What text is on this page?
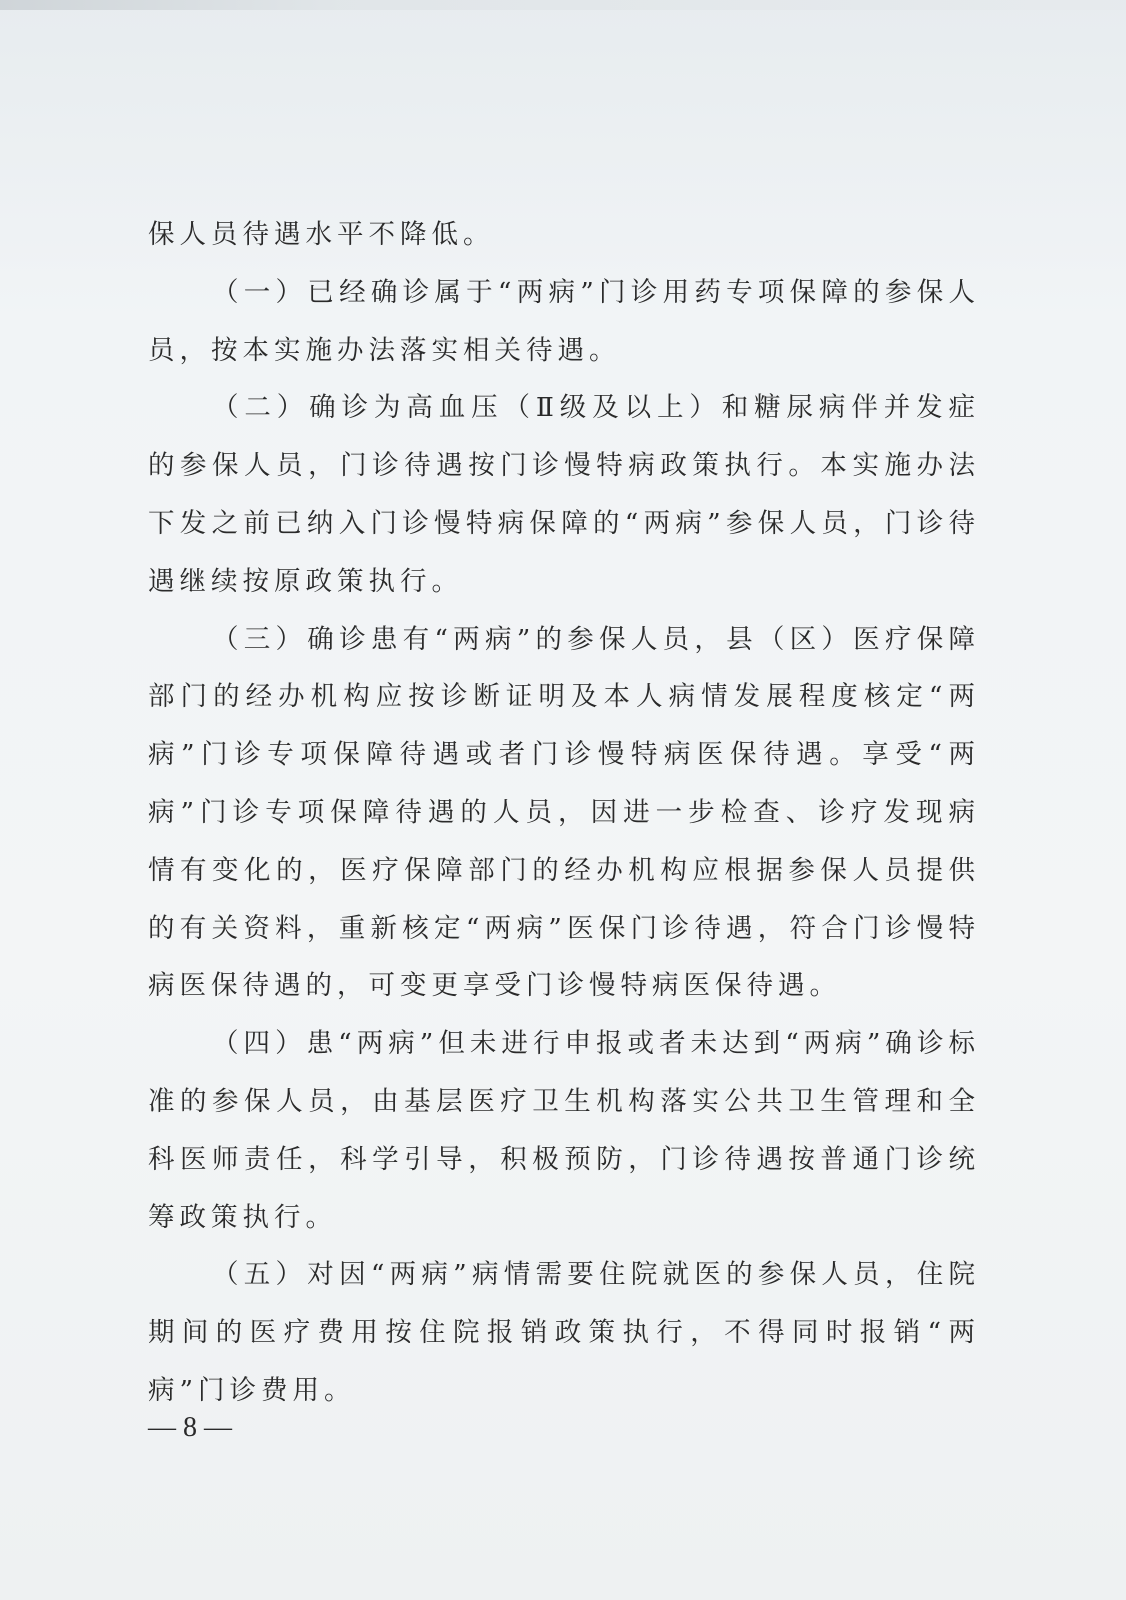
保人员待遇水平不降低。

（一）已经确诊属于“两病”门诊用药专项保障的参保人员，按本实施办法落实相关待遇。

（二）确诊为高血压（Ⅱ级及以上）和糖尿病伴并发症的参保人员，门诊待遇按门诊慢特病政策执行。本实施办法下发之前已纳入门诊慢特病保障的“两病”参保人员，门诊待遇继续按原政策执行。

（三）确诊患有“两病”的参保人员，县（区）医疗保障部门的经办机构应按诊断证明及本人病情发展程度核定“两病”门诊专项保障待遇或者门诊慢特病医保待遇。享受“两病”门诊专项保障待遇的人员，因进一步检查、诊疗发现病情有变化的，医疗保障部门的经办机构应根据参保人员提供的有关资料，重新核定“两病”医保门诊待遇，符合门诊慢特病医保待遇的，可变更享受门诊慢特病医保待遇。

（四）患“两病”但未进行申报或者未达到“两病”确诊标准的参保人员，由基层医疗卫生机构落实公共卫生管理和全科医师责任，科学引导，积极预防，门诊待遇按普通门诊统筹政策执行。

（五）对因“两病”病情需要住院就医的参保人员，住院期间的医疗费用按住院报销政策执行，不得同时报销“两病”门诊费用。

— 8 —
